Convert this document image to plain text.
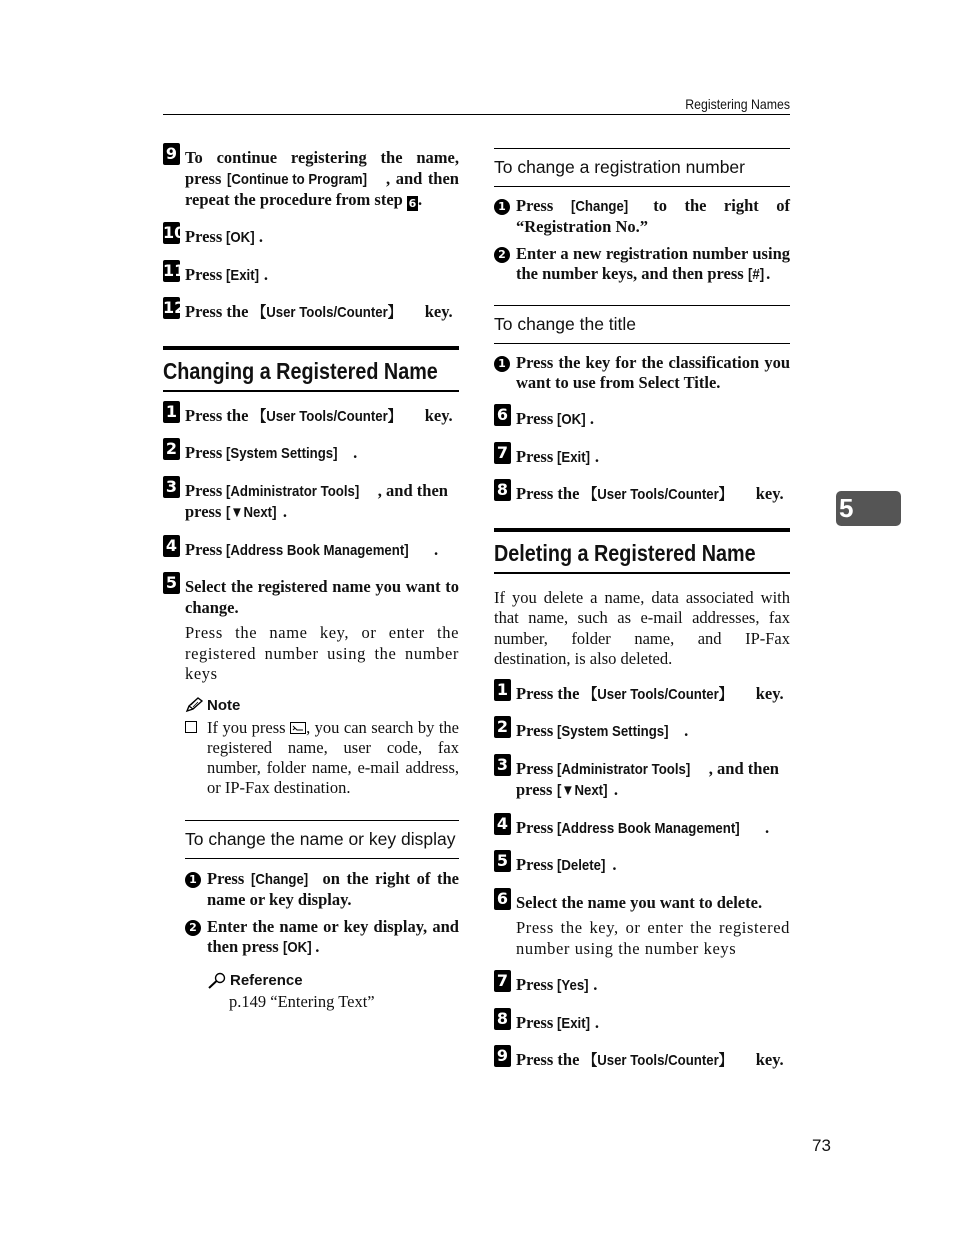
Registering Names
9 To continue registering the name, press [Continue to Program] , and then repeat the procedure from step 6 .
10 Press [OK] .
11 Press [Exit] .
12 Press the 【User Tools/Counter】 key.
Changing a Registered Name
1 Press the 【User Tools/Counter】 key.
2 Press [System Settings] .
3 Press [Administrator Tools] , and then press [▼Next] .
4 Press [Address Book Management] .
5 Select the registered name you want to change.
Press the name key, or enter the registered number using the number keys
Note
If you press , you can search by the registered name, user code, fax number, folder name, e-mail address, or IP-Fax destination.
To change the name or key display
1 Press [Change] on the right of the name or key display.
2 Enter the name or key display, and then press [OK] .
Reference
p.149 “Entering Text”
To change a registration number
1 Press [Change] to the right of “Registration No.”
2 Enter a new registration number using the number keys, and then press [#] .
To change the title
1 Press the key for the classification you want to use from Select Title.
6 Press [OK] .
7 Press [Exit] .
8 Press the 【User Tools/Counter】 key.
Deleting a Registered Name
If you delete a name, data associated with that name, such as e-mail addresses, fax number, folder name, and IP-Fax destination, is also deleted.
1 Press the 【User Tools/Counter】 key.
2 Press [System Settings] .
3 Press [Administrator Tools] , and then press [▼Next] .
4 Press [Address Book Management] .
5 Press [Delete] .
6 Select the name you want to delete.
Press the key, or enter the registered number using the number keys
7 Press [Yes] .
8 Press [Exit] .
9 Press the 【User Tools/Counter】 key.
5
73
